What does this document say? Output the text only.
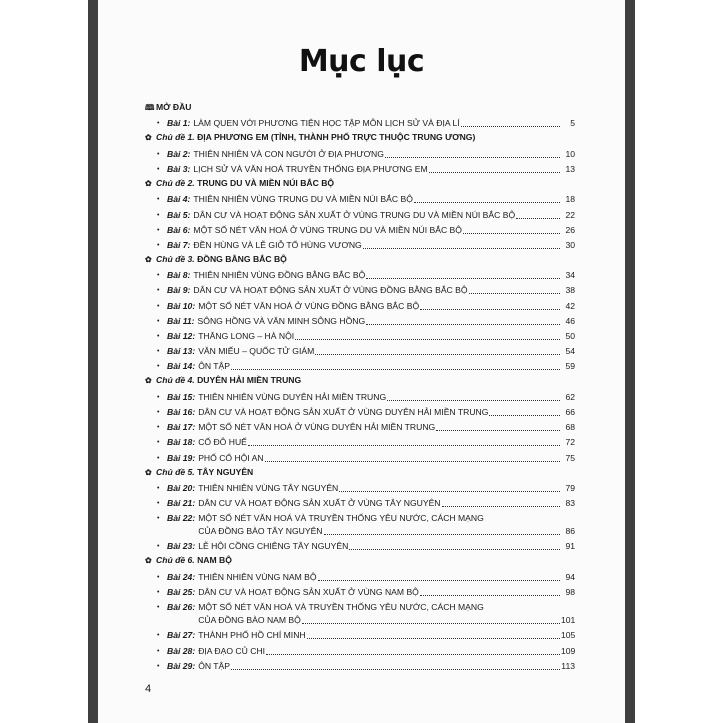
Mục lục
🕮 MỞ ĐẦU
• Bài 1: LÀM QUEN VỚI PHƯƠNG TIỆN HỌC TẬP MÔN LỊCH SỬ VÀ ĐỊA LÍ	5
✿ Chủ đề 1. ĐỊA PHƯƠNG EM (TỈNH, THÀNH PHỐ TRỰC THUỘC TRUNG ƯƠNG)
• Bài 2: THIÊN NHIÊN VÀ CON NGƯỜI Ở ĐỊA PHƯƠNG	10
• Bài 3: LỊCH SỬ VÀ VĂN HOÁ TRUYỀN THỐNG ĐỊA PHƯƠNG EM	13
✿ Chủ đề 2. TRUNG DU VÀ MIỀN NÚI BẮC BỘ
• Bài 4: THIÊN NHIÊN VÙNG TRUNG DU VÀ MIỀN NÚI BẮC BỘ	18
• Bài 5: DÂN CƯ VÀ HOẠT ĐỘNG SẢN XUẤT Ở VÙNG TRUNG DU VÀ MIỀN NÚI BẮC BỘ	22
• Bài 6: MỘT SỐ NÉT VĂN HOÁ Ở VÙNG TRUNG DU VÀ MIỀN NÚI BẮC BỘ	26
• Bài 7: ĐỀN HÙNG VÀ LỄ GIỖ TỔ HÙNG VƯƠNG	30
✿ Chủ đề 3. ĐỒNG BẰNG BẮC BỘ
• Bài 8: THIÊN NHIÊN VÙNG ĐỒNG BẰNG BẮC BỘ	34
• Bài 9: DÂN CƯ VÀ HOẠT ĐỘNG SẢN XUẤT Ở VÙNG ĐỒNG BẰNG BẮC BỘ	38
• Bài 10: MỘT SỐ NÉT VĂN HOÁ Ở VÙNG ĐỒNG BẰNG BẮC BỘ	42
• Bài 11: SÔNG HỒNG VÀ VĂN MINH SÔNG HỒNG	46
• Bài 12: THĂNG LONG – HÀ NỘI	50
• Bài 13: VĂN MIẾU – QUỐC TỬ GIÁM	54
• Bài 14: ÔN TẬP	59
✿ Chủ đề 4. DUYÊN HẢI MIỀN TRUNG
• Bài 15: THIÊN NHIÊN VÙNG DUYÊN HẢI MIỀN TRUNG	62
• Bài 16: DÂN CƯ VÀ HOẠT ĐỘNG SẢN XUẤT Ở VÙNG DUYÊN HẢI MIỀN TRUNG	66
• Bài 17: MỘT SỐ NÉT VĂN HOÁ Ở VÙNG DUYÊN HẢI MIỀN TRUNG	68
• Bài 18: CỐ ĐÔ HUẾ	72
• Bài 19: PHỐ CỔ HỘI AN	75
✿ Chủ đề 5. TÂY NGUYÊN
• Bài 20: THIÊN NHIÊN VÙNG TÂY NGUYÊN	79
• Bài 21: DÂN CƯ VÀ HOẠT ĐỘNG SẢN XUẤT Ở VÙNG TÂY NGUYÊN	83
• Bài 22: MỘT SỐ NÉT VĂN HOÁ VÀ TRUYỀN THỐNG YÊU NƯỚC, CÁCH MẠNG
CỦA ĐỒNG BÀO TÂY NGUYÊN	86
• Bài 23: LỄ HỘI CỒNG CHIÊNG TÂY NGUYÊN	91
✿ Chủ đề 6. NAM BỘ
• Bài 24: THIÊN NHIÊN VÙNG NAM BỘ	94
• Bài 25: DÂN CƯ VÀ HOẠT ĐỘNG SẢN XUẤT Ở VÙNG NAM BỘ	98
• Bài 26: MỘT SỐ NÉT VĂN HOÁ VÀ TRUYỀN THỐNG YÊU NƯỚC, CÁCH MẠNG
CỦA ĐỒNG BÀO NAM BỘ	101
• Bài 27: THÀNH PHỐ HỒ CHÍ MINH	105
• Bài 28: ĐỊA ĐẠO CỦ CHI	109
• Bài 29: ÔN TẬP	113
4
